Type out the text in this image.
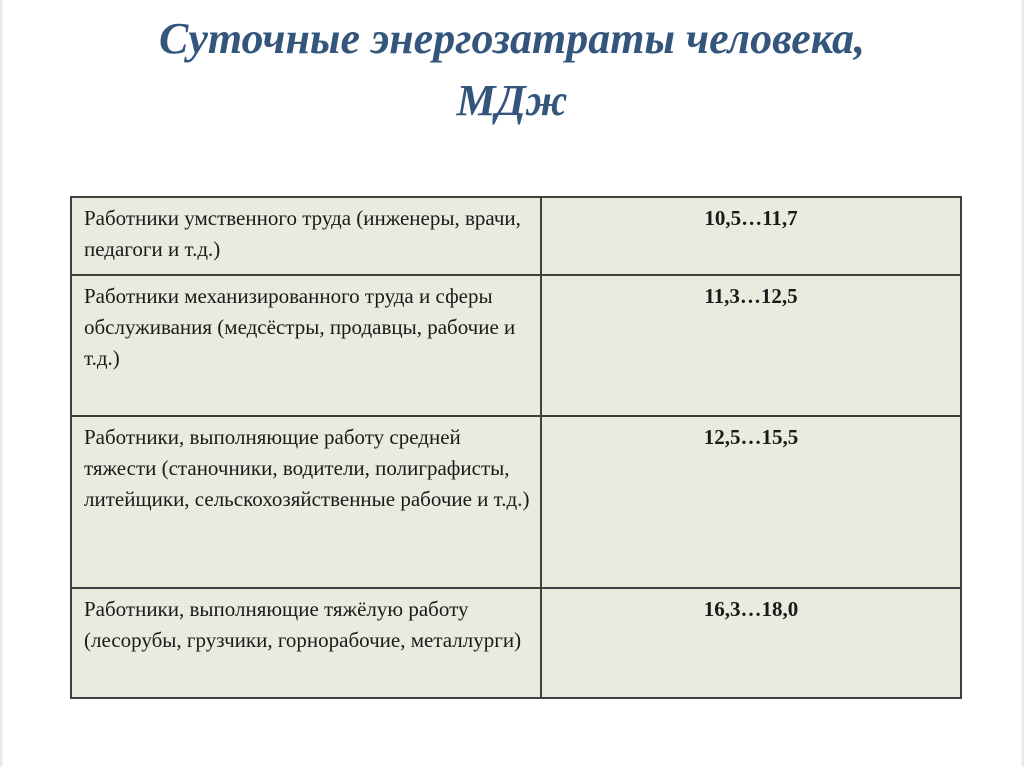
Суточные энергозатраты человека,
МДж
Работники умственного труда (инженеры, врачи, педагоги и т.д.)	10,5…11,7
Работники механизированного труда и сферы обслуживания (медсёстры, продавцы, рабочие и т.д.)	11,3…12,5
Работники, выполняющие работу средней тяжести (станочники, водители, полиграфисты, литейщики, сельскохозяйственные рабочие и т.д.)	12,5…15,5
Работники, выполняющие тяжёлую работу (лесорубы, грузчики, горнорабочие, металлурги)	16,3…18,0
